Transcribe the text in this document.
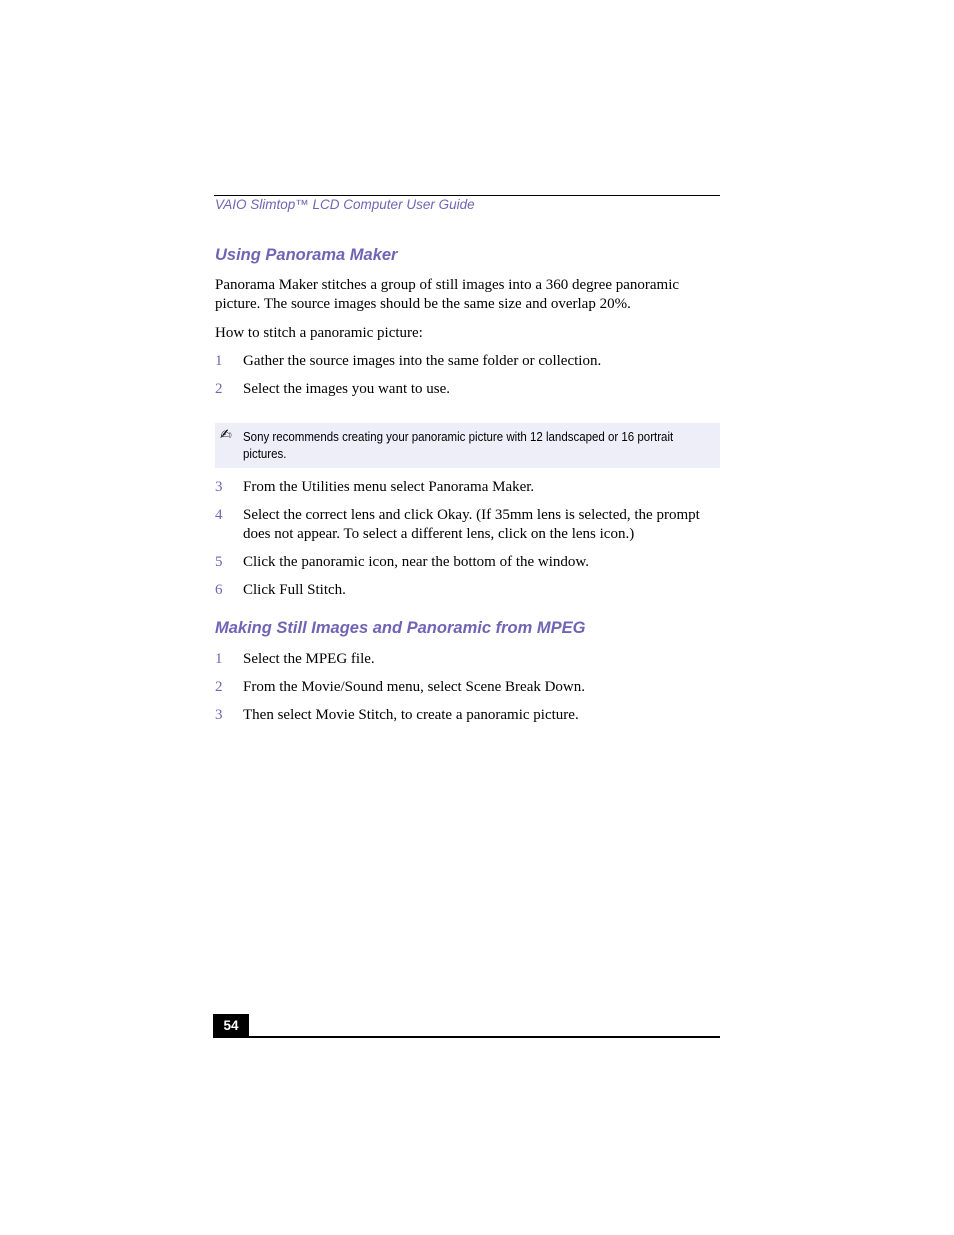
VAIO Slimtop™ LCD Computer User Guide
Using Panorama Maker
Panorama Maker stitches a group of still images into a 360 degree panoramic picture. The source images should be the same size and overlap 20%.
How to stitch a panoramic picture:
1 Gather the source images into the same folder or collection.
2 Select the images you want to use.
✍ Sony recommends creating your panoramic picture with 12 landscaped or 16 portrait pictures.
3 From the Utilities menu select Panorama Maker.
4 Select the correct lens and click Okay. (If 35mm lens is selected, the prompt does not appear. To select a different lens, click on the lens icon.)
5 Click the panoramic icon, near the bottom of the window.
6 Click Full Stitch.
Making Still Images and Panoramic from MPEG
1 Select the MPEG file.
2 From the Movie/Sound menu, select Scene Break Down.
3 Then select Movie Stitch, to create a panoramic picture.
54
